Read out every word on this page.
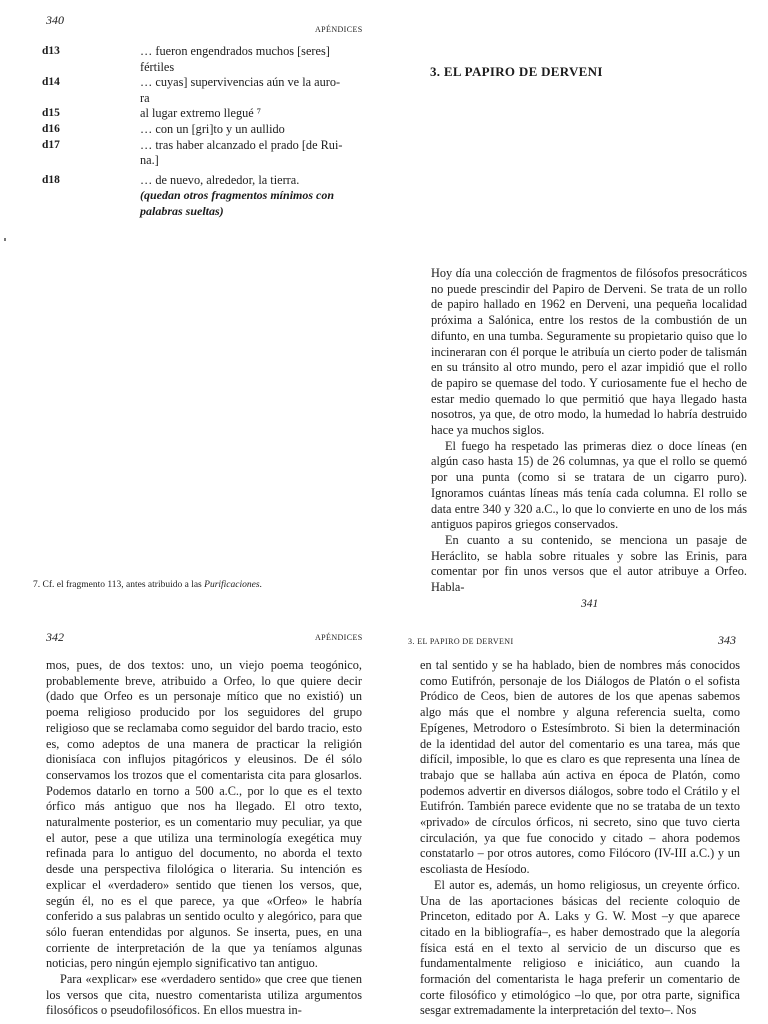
340
APÉNDICES
d13	… fueron engendrados muchos [seres]
fértiles
d14	… cuyas] supervivencias aún ve la auro-
ra
d15	al lugar extremo llegué ⁷
d16	… con un [gri]to y un aullido
d17	… tras haber alcanzado el prado [de Rui-
na.]
d18	… de nuevo, alrededor, la tierra.
(quedan otros fragmentos mínimos con
palabras sueltas)
7. Cf. el fragmento 113, antes atribuido a las Purificaciones.
3. EL PAPIRO DE DERVENI

Hoy día una colección de fragmentos de filósofos presocráticos no puede prescindir del Papiro de Derveni. Se trata de un rollo de papiro hallado en 1962 en Derveni, una pequeña localidad próxima a Salónica, entre los restos de la combustión de un difunto, en una tumba. Seguramente su propietario quiso que lo incineraran con él porque le atribuía un cierto poder de talismán en su tránsito al otro mundo, pero el azar impidió que el rollo de papiro se quemase del todo. Y curiosamente fue el hecho de estar medio quemado lo que permitió que haya llegado hasta nosotros, ya que, de otro modo, la humedad lo habría destruido hace ya muchos siglos.

El fuego ha respetado las primeras diez o doce líneas (en algún caso hasta 15) de 26 columnas, ya que el rollo se quemó por una punta (como si se tratara de un cigarro puro). Ignoramos cuántas líneas más tenía cada columna. El rollo se data entre 340 y 320 a.C., lo que lo convierte en uno de los más antiguos papiros griegos conservados.

En cuanto a su contenido, se menciona un pasaje de Heráclito, se habla sobre rituales y sobre las Erinis, para comentar por fin unos versos que el autor atribuye a Orfeo. Habla-

341
342	APÉNDICES

mos, pues, de dos textos: uno, un viejo poema teogónico, probablemente breve, atribuido a Orfeo, lo que quiere decir (dado que Orfeo es un personaje mítico que no existió) un poema religioso producido por los seguidores del grupo religioso que se reclamaba como seguidor del bardo tracio, esto es, como adeptos de una manera de practicar la religión dionisíaca con influjos pitagóricos y eleusinos. De él sólo conservamos los trozos que el comentarista cita para glosarlos. Podemos datarlo en torno a 500 a.C., por lo que es el texto órfico más antiguo que nos ha llegado. El otro texto, naturalmente posterior, es un comentario muy peculiar, ya que el autor, pese a que utiliza una terminología exegética muy refinada para lo antiguo del documento, no aborda el texto desde una perspectiva filológica o literaria. Su intención es explicar el «verdadero» sentido que tienen los versos, que, según él, no es el que parece, ya que «Orfeo» le habría conferido a sus palabras un sentido oculto y alegórico, para que sólo fueran entendidas por algunos. Se inserta, pues, en una corriente de interpretación de la que ya teníamos algunas noticias, pero ningún ejemplo significativo tan antiguo.

Para «explicar» ese «verdadero sentido» que cree que tienen los versos que cita, nuestro comentarista utiliza argumentos filosóficos o pseudofilosóficos. En ellos muestra in-

3. EL PAPIRO DE DERVENI	343

en tal sentido y se ha hablado, bien de nombres más conocidos como Eutifrón, personaje de los Diálogos de Platón o el sofista Pródico de Ceos, bien de autores de los que apenas sabemos algo más que el nombre y alguna referencia suelta, como Epígenes, Metrodoro o Estesímbroto. Si bien la determinación de la identidad del autor del comentario es una tarea, más que difícil, imposible, lo que es claro es que representa una línea de trabajo que se hallaba aún activa en época de Platón, como podemos advertir en diversos diálogos, sobre todo el Crátilo y el Eutifrón. También parece evidente que no se trataba de un texto «privado» de círculos órficos, ni secreto, sino que tuvo cierta circulación, ya que fue conocido y citado – ahora podemos constatarlo – por otros autores, como Filócoro (IV-III a.C.) y un escoliasta de Hesíodo.

El autor es, además, un homo religiosus, un creyente órfico. Una de las aportaciones básicas del reciente coloquio de Princeton, editado por A. Laks y G. W. Most –y que aparece citado en la bibliografía–, es haber demostrado que la alegoría física está en el texto al servicio de un discurso que es fundamentalmente religioso e iniciático, aun cuando la formación del comentarista le haga preferir un comentario de corte filosófico y etimológico –lo que, por otra parte, significa sesgar extremadamente la interpretación del texto–. Nos
